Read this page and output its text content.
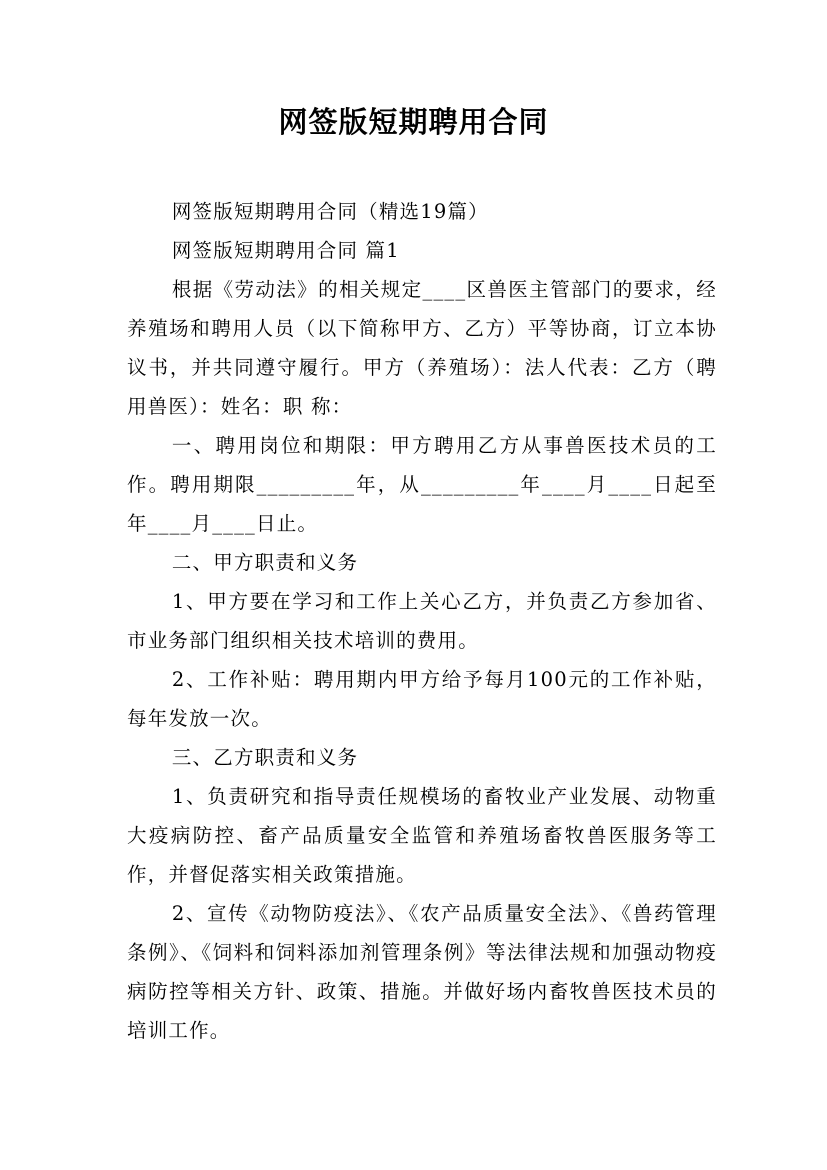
网签版短期聘用合同

网签版短期聘用合同（精选19篇）

网签版短期聘用合同 篇1

根据《劳动法》的相关规定____区兽医主管部门的要求，经养殖场和聘用人员（以下简称甲方、乙方）平等协商，订立本协议书，并共同遵守履行。甲方（养殖场）：法人代表：乙方（聘用兽医）：姓名：职 称：

一、聘用岗位和期限：甲方聘用乙方从事兽医技术员的工作。聘用期限_________年，从_________年____月____日起至年____月____日止。

二、甲方职责和义务

1、甲方要在学习和工作上关心乙方，并负责乙方参加省、市业务部门组织相关技术培训的费用。

2、工作补贴：聘用期内甲方给予每月100元的工作补贴，每年发放一次。

三、乙方职责和义务

1、负责研究和指导责任规模场的畜牧业产业发展、动物重大疫病防控、畜产品质量安全监管和养殖场畜牧兽医服务等工作，并督促落实相关政策措施。

2、宣传《动物防疫法》、《农产品质量安全法》、《兽药管理条例》、《饲料和饲料添加剂管理条例》等法律法规和加强动物疫病防控等相关方针、政策、措施。并做好场内畜牧兽医技术员的培训工作。
